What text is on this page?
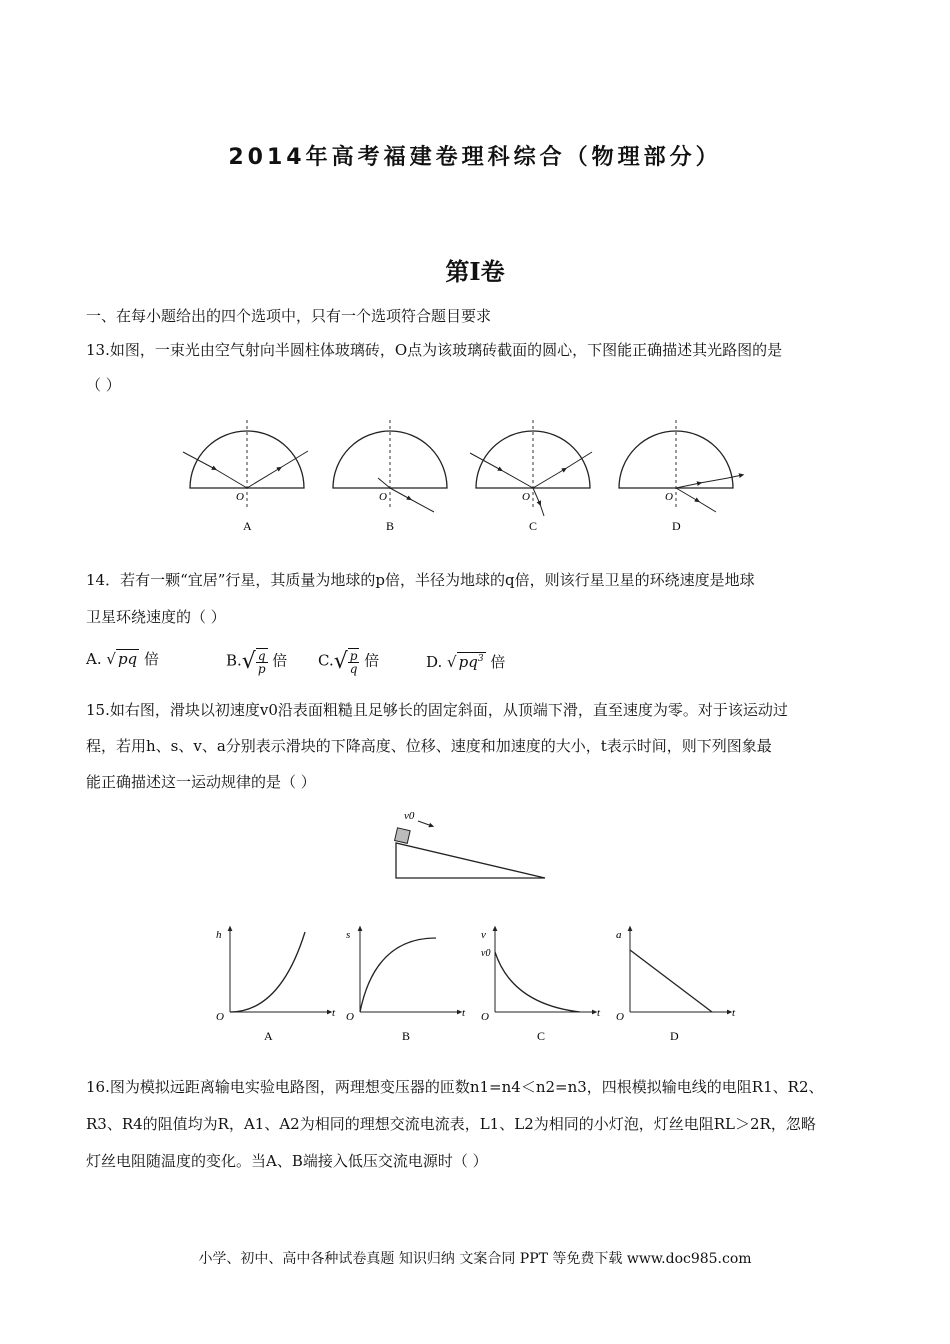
2014年高考福建卷理科综合（物理部分）
第I卷
一、在每小题给出的四个选项中，只有一个选项符合题目要求
13.如图，一束光由空气射向半圆柱体玻璃砖，O点为该玻璃砖截面的圆心，下图能正确描述其光路图的是
（ ）
O
A
O
B
O
C
O
D
14．若有一颗“宜居”行星，其质量为地球的p倍，半径为地球的q倍，则该行星卫星的环绕速度是地球
卫星环绕速度的（ ）
A. √ pq 倍	$B.√ \frac{q}{p}$ 倍 $C.√ \frac{p}{q}$ 倍	D. √ $pq^3$ 倍
15.如右图，滑块以初速度v0沿表面粗糙且足够长的固定斜面，从顶端下滑，直至速度为零。对于该运动过
程，若用h、s、v、a分别表示滑块的下降高度、位移、速度和加速度的大小，t表示时间，则下列图象最
能正确描述这一运动规律的是（ ）
v0
h
t
O
A
s
t
O
B
v
v0
t
O
C
a
t
O
D
16.图为模拟远距离输电实验电路图，两理想变压器的匝数n1=n4＜n2=n3，四根模拟输电线的电阻R1、R2、
R3、R4的阻值均为R，A1、A2为相同的理想交流电流表，L1、L2为相同的小灯泡，灯丝电阻RL＞2R，忽略
灯丝电阻随温度的变化。当A、B端接入低压交流电源时（ ）
小学、初中、高中各种试卷真题 知识归纳 文案合同 PPT 等免费下载 www.doc985.com
